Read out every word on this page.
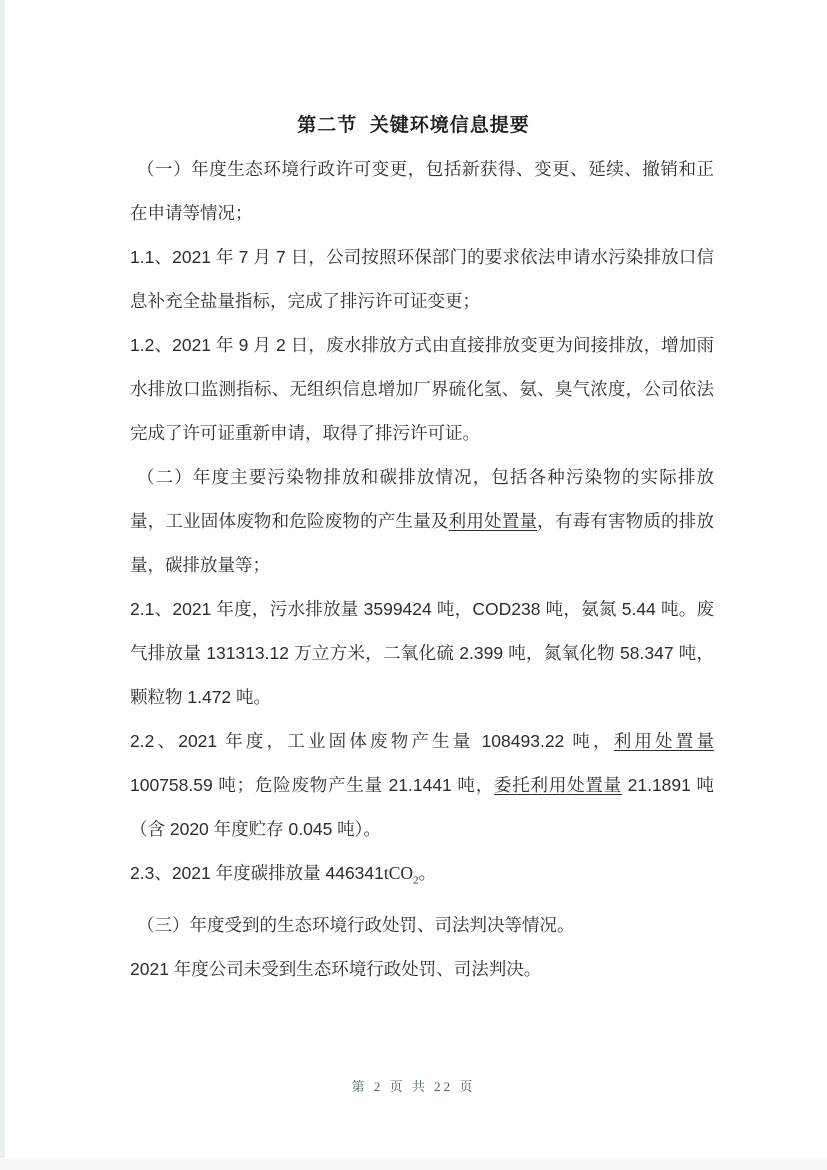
第二节  关键环境信息提要

（一）年度生态环境行政许可变更，包括新获得、变更、延续、撤销和正在申请等情况；

1.1、2021 年 7 月 7 日，公司按照环保部门的要求依法申请水污染排放口信息补充全盐量指标，完成了排污许可证变更；

1.2、2021 年 9 月 2 日，废水排放方式由直接排放变更为间接排放，增加雨水排放口监测指标、无组织信息增加厂界硫化氢、氨、臭气浓度，公司依法完成了许可证重新申请，取得了排污许可证。

（二）年度主要污染物排放和碳排放情况，包括各种污染物的实际排放量，工业固体废物和危险废物的产生量及利用处置量，有毒有害物质的排放量，碳排放量等；

2.1、2021 年度，污水排放量 3599424 吨，COD238 吨，氨氮 5.44 吨。废气排放量 131313.12 万立方米，二氧化硫 2.399 吨，氮氧化物 58.347 吨，颗粒物 1.472 吨。

2.2、2021 年度，工业固体废物产生量 108493.22 吨，利用处置量 100758.59 吨；危险废物产生量 21.1441 吨，委托利用处置量 21.1891 吨（含 2020 年度贮存 0.045 吨）。

2.3、2021 年度碳排放量 446341tCO$_2$。

（三）年度受到的生态环境行政处罚、司法判决等情况。

2021 年度公司未受到生态环境行政处罚、司法判决。

第 2 页 共 22 页
